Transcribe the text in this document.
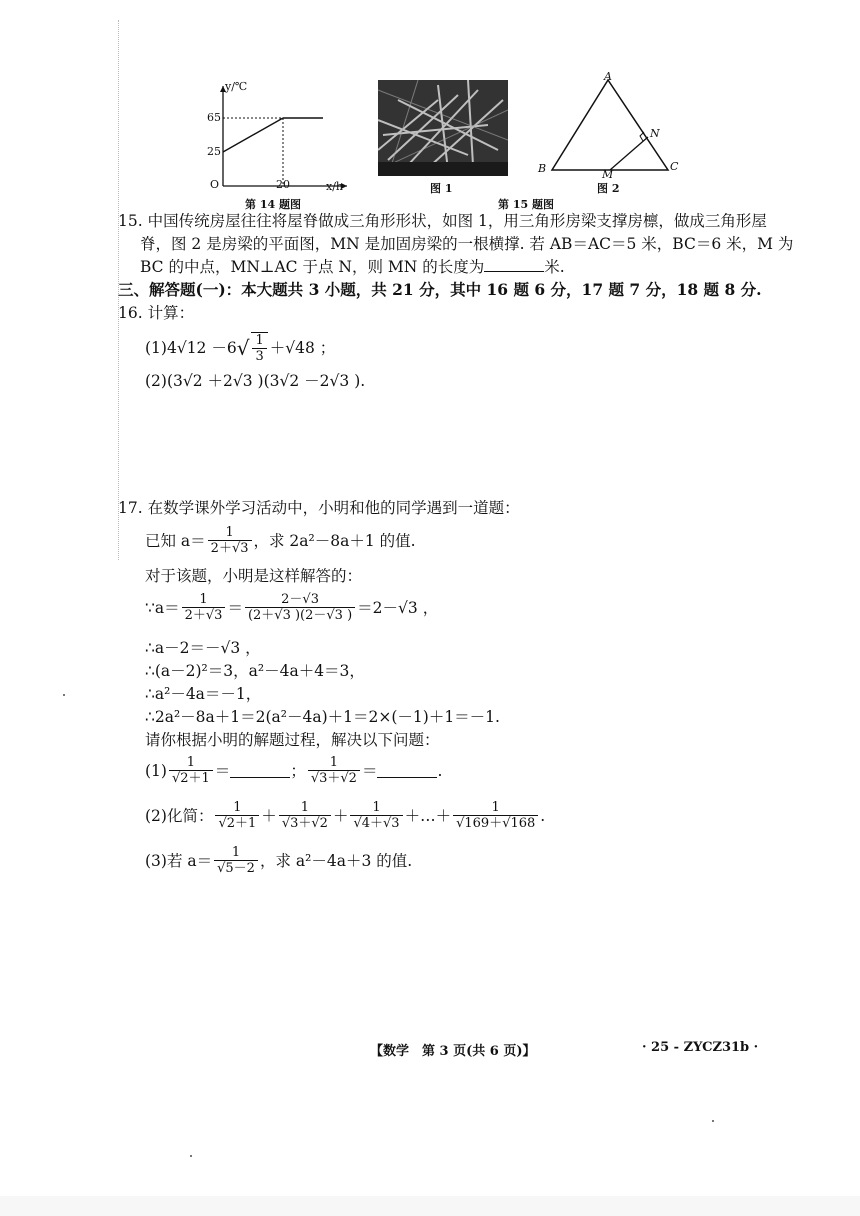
y/℃
x/h
O
65
25
20
第 14 题图
图 1
A
B	C
M
N
图 2
第 15 题图
15. 中国传统房屋往往将屋脊做成三角形形状，如图 1，用三角形房梁支撑房檩，做成三角形屋
脊，图 2 是房梁的平面图，MN 是加固房梁的一根横撑. 若 AB＝AC＝5 米，BC＝6 米，M 为
BC 的中点，MN⊥AC 于点 N，则 MN 的长度为	米.
三、解答题(一)：本大题共 3 小题，共 21 分，其中 16 题 6 分，17 题 7 分，18 题 8 分.
16. 计算：
(1)4√12 －6 √ $\frac{1}{3} +√48$ ；
(2)(3√2 ＋2√3 )(3√2 －2√3 ).
17. 在数学课外学习活动中，小明和他的同学遇到一道题：
已知 $a= \frac{1}{2+√3}$ ，求 2a²－8a＋1 的值.
对于该题，小明是这样解答的：
∵a＝ $\frac{1}{2+√3} = \frac{2-√3}{(2+√3 )(2-√3 )} =2-√3$ ，
∴a－2＝－√3 ，
∴(a－2)²＝3，a²－4a＋4＝3，
∴a²－4a＝－1，
∴2a²－8a＋1＝2(a²－4a)＋1＝2×(－1)＋1＝－1.
请你根据小明的解题过程，解决以下问题：
$(1) \frac{1}{√2+1}$ ＝	； $\frac{1}{√3+√2}$ ＝	.
(2)化简： $\frac{1}{√2+1} + \frac{1}{√3+√2} + \frac{1}{√4+√3}$ ＋…＋ $\frac{1}{√169+√168}$ .
(3)若 $a= \frac{1}{√5-2}$ ，求 a²－4a＋3 的值.
【数学　第 3 页(共 6 页)】	· 25 - ZYCZ31b ·
